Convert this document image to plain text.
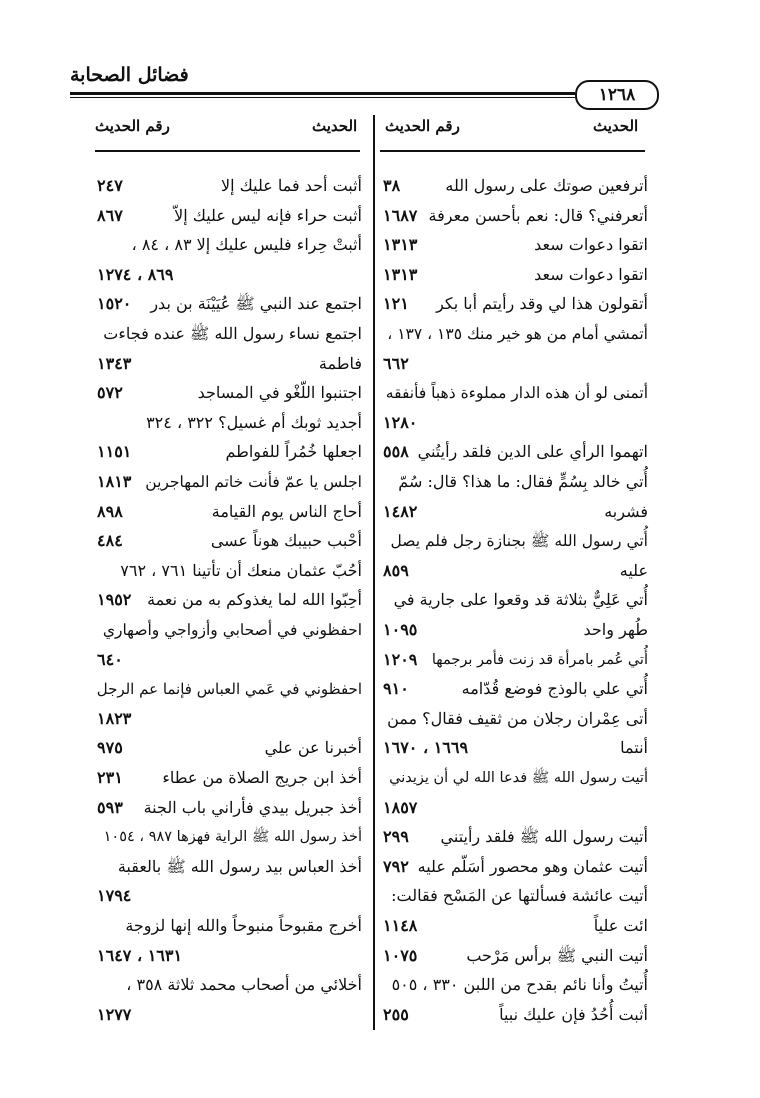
فضائل الصحابة
١٢٦٨
الحديث
رقم الحديث
الحديث
رقم الحديث
أترفعين صوتك على رسول الله
٣٨
أتعرفني؟ قال: نعم بأحسن معرفة
١٦٨٧
اتقوا دعوات سعد
١٣١٣
اتقوا دعوات سعد
١٣١٣
أتقولون هذا لي وقد رأيتم أبا بكر
١٢١
أتمشي أمام من هو خير منك ١٣٥ ، ١٣٧ ،
٦٦٢
أتمنى لو أن هذه الدار مملوءة ذهباً فأنفقه
١٢٨٠
اتهموا الرأي على الدين فلقد رأيتُني
٥٥٨
أُتي خالد بِسُمٍّ فقال: ما هذا؟ قال: سُمّ
فشربه
١٤٨٢
أُتي رسول الله ﷺ بجنازة رجل فلم يصل
عليه
٨٥٩
أُتي عَلِيٌّ بثلاثة قد وقعوا على جارية في
طُهر واحد
١٠٩٥
أُتي عُمر بامرأة قد زنت فأمر برجمها
١٢٠٩
أُتي علي بالوذج فوضع قُدّامه
٩١٠
أتى عِمْران رجلان من ثقيف فقال؟ ممن
أنتما
١٦٦٩ ، ١٦٧٠
أتيت رسول الله ﷺ فدعا الله لي أن يزيدني
١٨٥٧
أتيت رسول الله ﷺ فلقد رأيتني
٢٩٩
أتيت عثمان وهو محصور أسَلّم عليه
٧٩٢
أتيت عائشة فسألتها عن المَسْح فقالت:
ائت علياً
١١٤٨
أتيت النبي ﷺ برأس مَرْحب
١٠٧٥
أُتيتُ وأنا نائم بقدح من اللبن ٣٣٠ ، ٥٠٥
أثبت أُحُدُ فإن عليك نبياً
٢٥٥
أثبت أحد فما عليك إلا
٢٤٧
أثبت حراء فإنه ليس عليك إلاّ
٨٦٧
أثبتْ حِراء فليس عليك إلا ٨٣ ، ٨٤ ،
٨٦٩ ، ١٢٧٤
اجتمع عند النبي ﷺ عُيَيْنَة بن بدر
١٥٢٠
اجتمع نساء رسول الله ﷺ عنده فجاءت
فاطمة
١٣٤٣
اجتنبوا اللّغْو في المساجد
٥٧٢
أجديد ثوبك أم غسيل؟ ٣٢٢ ، ٣٢٤
اجعلها خُمُراً للفواطم
١١٥١
اجلس يا عمّ فأنت خاتم المهاجرين
١٨١٣
أحاج الناس يوم القيامة
٨٩٨
أحْبب حبيبك هوناً عسى
٤٨٤
أحُبّ عثمان منعك أن تأتينا ٧٦١ ، ٧٦٢
أحِبّوا الله لما يغذوكم به من نعمة
١٩٥٢
احفظوني في أصحابي وأزواجي وأصهاري
٦٤٠
احفظوني في عَمي العباس فإنما عم الرجل
١٨٢٣
أخبرنا عن علي
٩٧٥
أخذ ابن جريج الصلاة من عطاء
٢٣١
أخذ جبريل بيدي فأراني باب الجنة
٥٩٣
أخذ رسول الله ﷺ الراية فهزها ٩٨٧ ، ١٠٥٤
أخذ العباس بيد رسول الله ﷺ بالعقبة
١٧٩٤
أخرج مقبوحاً منبوحاً والله إنها لزوجة
١٦٣١ ، ١٦٤٧
أخلائي من أصحاب محمد ثلاثة ٣٥٨ ،
١٢٧٧
